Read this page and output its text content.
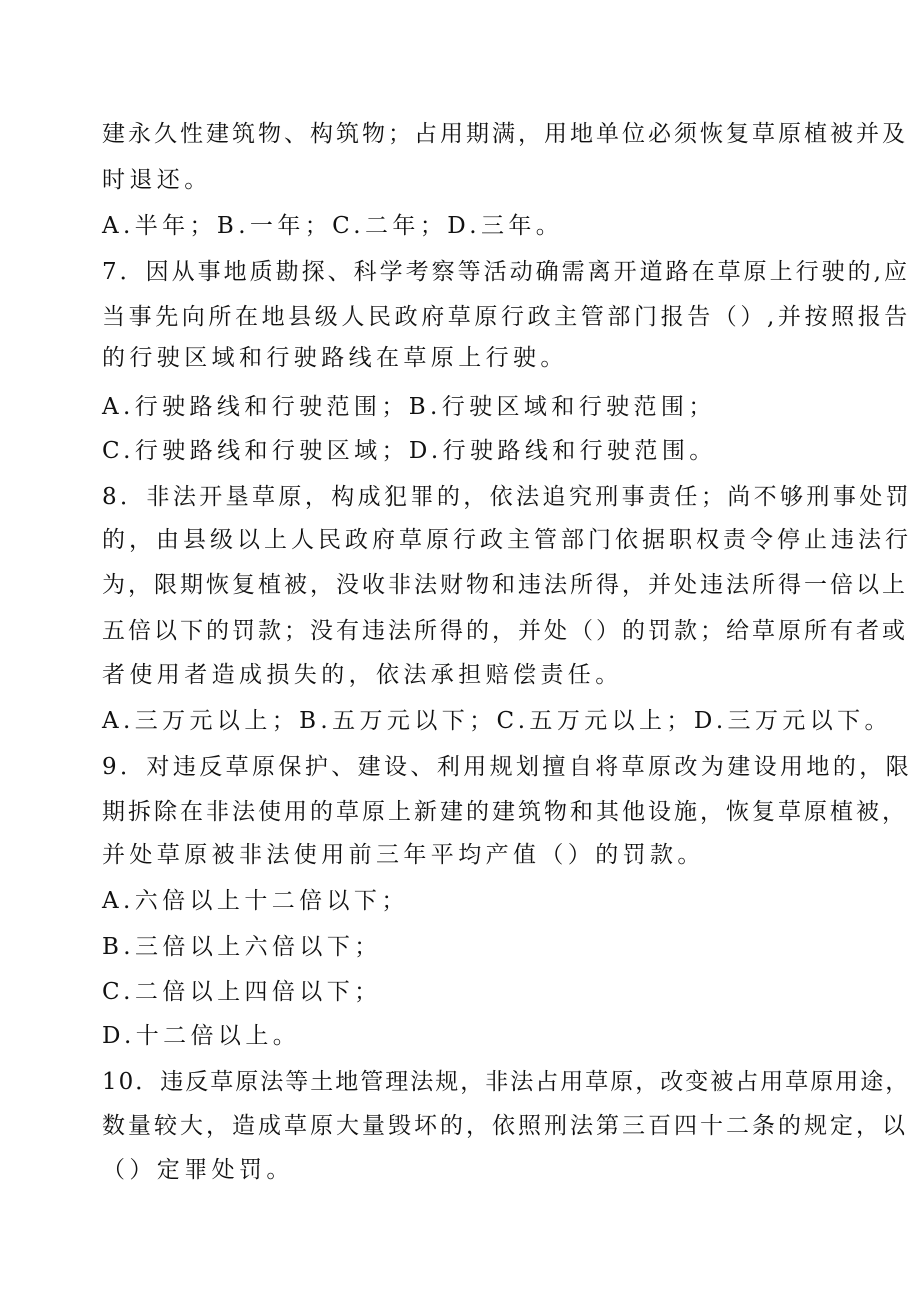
建永久性建筑物、构筑物；占用期满，用地单位必须恢复草原植被并及
时退还。
A.半年；B.一年；C.二年；D.三年。
7．因从事地质勘探、科学考察等活动确需离开道路在草原上行驶的,应
当事先向所在地县级人民政府草原行政主管部门报告（）,并按照报告
的行驶区域和行驶路线在草原上行驶。
A.行驶路线和行驶范围；B.行驶区域和行驶范围；
C.行驶路线和行驶区域；D.行驶路线和行驶范围。
8．非法开垦草原，构成犯罪的，依法追究刑事责任；尚不够刑事处罚
的，由县级以上人民政府草原行政主管部门依据职权责令停止违法行
为，限期恢复植被，没收非法财物和违法所得，并处违法所得一倍以上
五倍以下的罚款；没有违法所得的，并处（）的罚款；给草原所有者或
者使用者造成损失的，依法承担赔偿责任。
A.三万元以上；B.五万元以下；C.五万元以上；D.三万元以下。
9．对违反草原保护、建设、利用规划擅自将草原改为建设用地的，限
期拆除在非法使用的草原上新建的建筑物和其他设施，恢复草原植被，
并处草原被非法使用前三年平均产值（）的罚款。
A.六倍以上十二倍以下；
B.三倍以上六倍以下；
C.二倍以上四倍以下；
D.十二倍以上。
10．违反草原法等土地管理法规，非法占用草原，改变被占用草原用途，
数量较大，造成草原大量毁坏的，依照刑法第三百四十二条的规定，以
（）定罪处罚。
